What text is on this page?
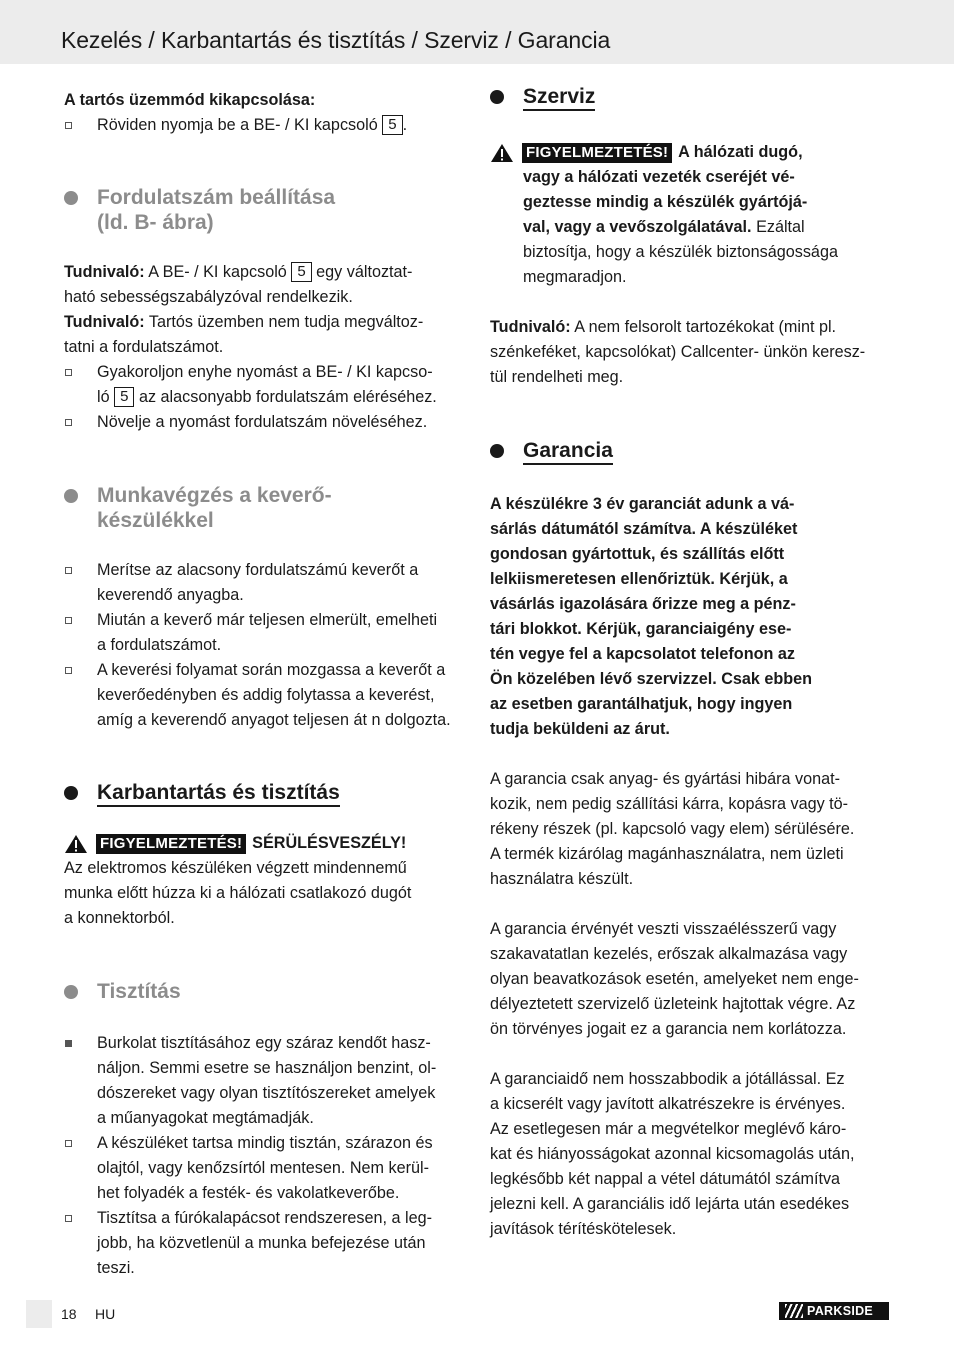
Kezelés / Karbantartás és tisztítás / Szerviz / Garancia

A tartós üzemmód kikapcsolása:

Röviden nyomja be a BE- / KI kapcsoló 5 .
Fordulatszám beállítása
(ld. B- ábra)

Tudnivaló: A BE- / KI kapcsoló 5 egy változtat-
ható sebességszabályzóval rendelkezik.

Tudnivaló: Tartós üzemben nem tudja megváltoz-
tatni a fordulatszámot.

Gyakoroljon enyhe nyomást a BE- / KI kapcso-
ló 5 az alacsonyabb fordulatszám eléréséhez.
Növelje a nyomást fordulatszám növeléséhez.
Munkavégzés a keverő-
készülékkel
Merítse az alacsony fordulatszámú keverőt a
keverendő anyagba.
Miután a keverő már teljesen elmerült, emelheti
a fordulatszámot.
A keverési folyamat során mozgassa a keverőt a
keverőedényben és addig folytassa a keverést,
amíg a keverendő anyagot teljesen át n dolgozta.
Karbantartás és tisztítás
FIGYELMEZTETÉS! SÉRÜLÉSVESZÉLY!

Az elektromos készüléken végzett mindennemű
munka előtt húzza ki a hálózati csatlakozó dugót
a konnektorból.

Tisztítás
Burkolat tisztításához egy száraz kendőt hasz-
náljon. Semmi esetre se használjon benzint, ol-
dószereket vagy olyan tisztítószereket amelyek
a műanyagokat megtámadják.
A készüléket tartsa mindig tisztán, szárazon és
olajtól, vagy kenőzsírtól mentesen. Nem kerül-
het folyadék a festék- és vakolatkeverőbe.
Tisztítsa a fúrókalapácsot rendszeresen, a leg-
jobb, ha közvetlenül a munka befejezése után
teszi.
Szerviz
FIGYELMEZTETÉS! A hálózati dugó,

vagy a hálózati vezeték cseréjét vé-
geztesse mindig a készülék gyártójá-
val, vagy a vevőszolgálatával. Ezáltal
biztosítja, hogy a készülék biztonságossága
megmaradjon.

Tudnivaló: A nem felsorolt tartozékokat (mint pl.
szénkeféket, kapcsolókat) Callcenter- ünkön keresz-
tül rendelheti meg.

Garancia

A készülékre 3 év garanciát adunk a vá-
sárlás dátumától számítva. A készüléket
gondosan gyártottuk, és szállítás előtt
lelkiismeretesen ellenőriztük. Kérjük, a
vásárlás igazolására őrizze meg a pénz-
tári blokkot. Kérjük, garanciaigény ese-
tén vegye fel a kapcsolatot telefonon az
Ön közelében lévő szervizzel. Csak ebben
az esetben garantálhatjuk, hogy ingyen
tudja beküldeni az árut.

A garancia csak anyag- és gyártási hibára vonat-
kozik, nem pedig szállítási kárra, kopásra vagy tö-
rékeny részek (pl. kapcsoló vagy elem) sérülésére.
A termék kizárólag magánhasználatra, nem üzleti
használatra készült.

A garancia érvényét veszti visszaélésszerű vagy
szakavatatlan kezelés, erőszak alkalmazása vagy
olyan beavatkozások esetén, amelyeket nem enge-
délyeztetett szervizelő üzleteink hajtottak végre. Az
ön törvényes jogait ez a garancia nem korlátozza.

A garanciaidő nem hosszabbodik a jótállással. Ez
a kicserélt vagy javított alkatrészekre is érvényes.
Az esetlegesen már a megvételkor meglévő káro-
kat és hiányosságokat azonnal kicsomagolás után,
legkésőbb két nappal a vétel dátumától számítva
jelezni kell. A garanciális idő lejárta után esedékes
javítások térítéskötelesek.

18 HU	PARKSIDE
